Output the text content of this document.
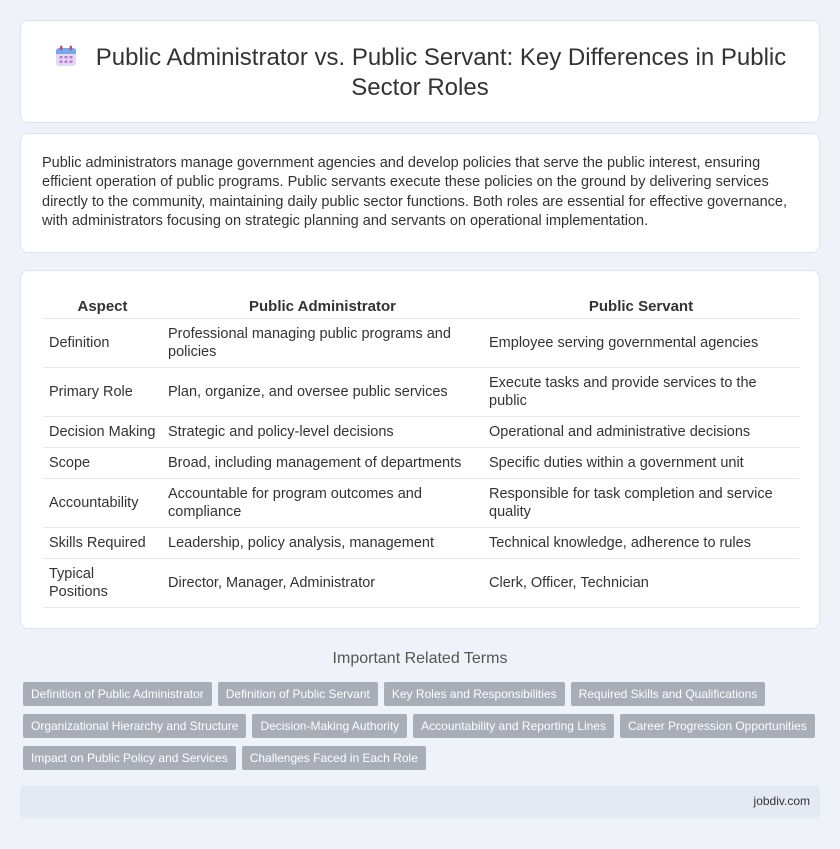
Public Administrator vs. Public Servant: Key Differences in Public Sector Roles

Public administrators manage government agencies and develop policies that serve the public interest, ensuring efficient operation of public programs. Public servants execute these policies on the ground by delivering services directly to the community, maintaining daily public sector functions. Both roles are essential for effective governance, with administrators focusing on strategic planning and servants on operational implementation.

Aspect	Public Administrator	Public Servant
Definition	Professional managing public programs and policies	Employee serving governmental agencies
Primary Role	Plan, organize, and oversee public services	Execute tasks and provide services to the public
Decision Making	Strategic and policy-level decisions	Operational and administrative decisions
Scope	Broad, including management of departments	Specific duties within a government unit
Accountability	Accountable for program outcomes and compliance	Responsible for task completion and service quality
Skills Required	Leadership, policy analysis, management	Technical knowledge, adherence to rules
Typical Positions	Director, Manager, Administrator	Clerk, Officer, Technician
Important Related Terms
Definition of Public Administrator	Definition of Public Servant	Key Roles and Responsibilities	Required Skills and Qualifications
Organizational Hierarchy and Structure	Decision-Making Authority	Accountability and Reporting Lines	Career Progression Opportunities
Impact on Public Policy and Services	Challenges Faced in Each Role
jobdiv.com
